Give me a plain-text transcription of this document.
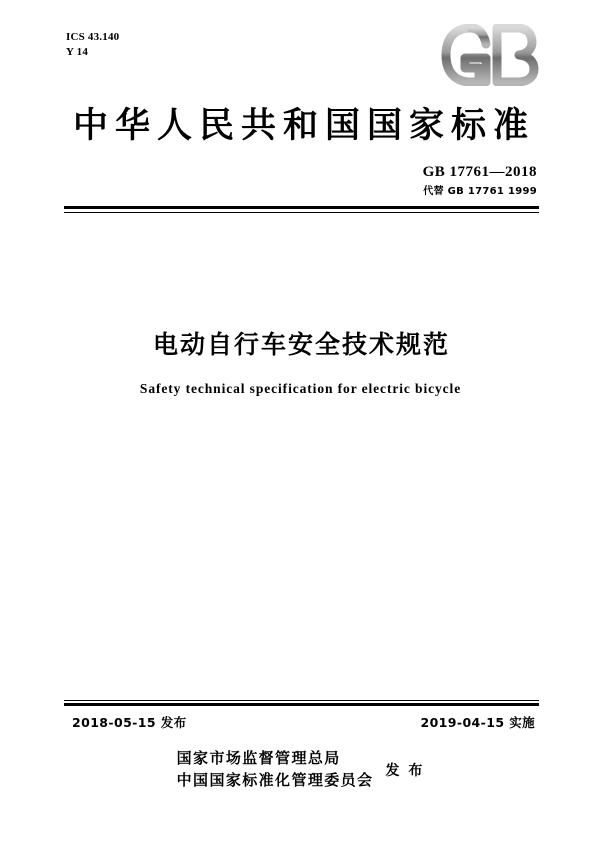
ICS 43.140
Y 14
中华人民共和国国家标准
GB 17761—2018
代替 GB 17761 1999
电动自行车安全技术规范
Safety technical specification for electric bicycle
2018-05-15 发布	2019-04-15 实施
国家市场监督管理总局
中国国家标准化管理委员会 发 布
